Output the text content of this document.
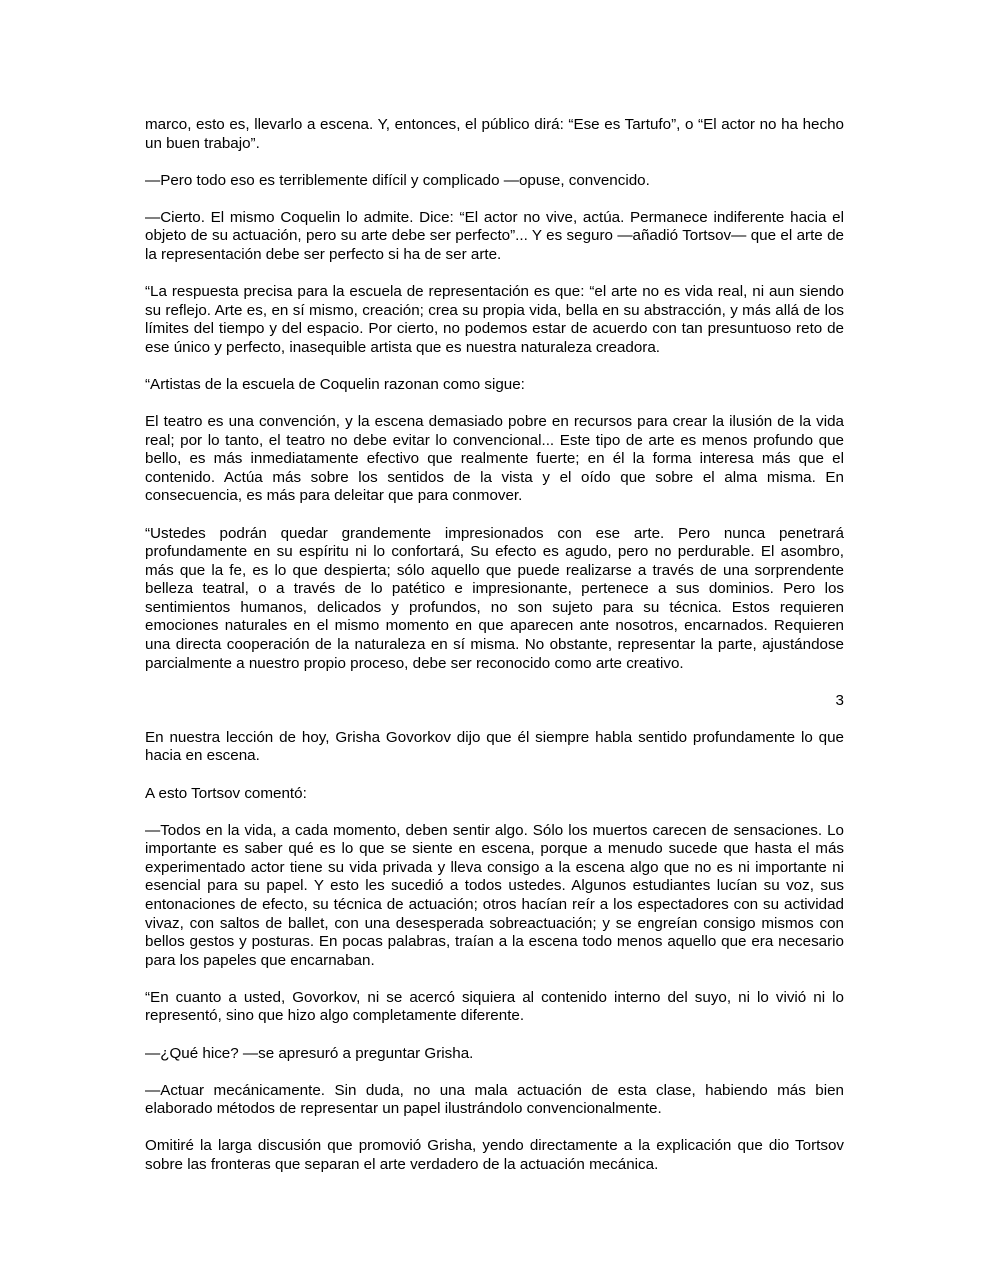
marco, esto es, llevarlo a escena. Y, entonces, el público dirá: “Ese es Tartufo”, o “El actor no ha hecho un buen trabajo”.

—Pero todo eso es terriblemente difícil y complicado —opuse, convencido.

—Cierto. El mismo Coquelin lo admite. Dice: “El actor no vive, actúa. Permanece indiferente hacia el objeto de su actuación, pero su arte debe ser perfecto”... Y es seguro —añadió Tortsov— que el arte de la representación debe ser perfecto si ha de ser arte.

“La respuesta precisa para la escuela de representación es que: “el arte no es vida real, ni aun siendo su reflejo. Arte es, en sí mismo, creación; crea su propia vida, bella en su abstracción, y más allá de los límites del tiempo y del espacio. Por cierto, no podemos estar de acuerdo con tan presuntuoso reto de ese único y perfecto, inasequible artista que es nuestra naturaleza creadora.

“Artistas de la escuela de Coquelin razonan como sigue:

El teatro es una convención, y la escena demasiado pobre en recursos para crear la ilusión de la vida real; por lo tanto, el teatro no debe evitar lo convencional... Este tipo de arte es menos profundo que bello, es más inmediatamente efectivo que realmente fuerte; en él la forma interesa más que el contenido. Actúa más sobre los sentidos de la vista y el oído que sobre el alma misma. En consecuencia, es más para deleitar que para conmover.

“Ustedes podrán quedar grandemente impresionados con ese arte. Pero nunca penetrará profundamente en su espíritu ni lo confortará, Su efecto es agudo, pero no perdurable. El asombro, más que la fe, es lo que despierta; sólo aquello que puede realizarse a través de una sorprendente belleza teatral, o a través de lo patético e impresionante, pertenece a sus dominios. Pero los sentimientos humanos, delicados y profundos, no son sujeto para su técnica. Estos requieren emociones naturales en el mismo momento en que aparecen ante nosotros, encarnados. Requieren una directa cooperación de la naturaleza en sí misma. No obstante, representar la parte, ajustándose parcialmente a nuestro propio proceso, debe ser reconocido como arte creativo.

3

En nuestra lección de hoy, Grisha Govorkov dijo que él siempre habla sentido profundamente lo que hacia en escena.

A esto Tortsov comentó:

—Todos en la vida, a cada momento, deben sentir algo. Sólo los muertos carecen de sensaciones. Lo importante es saber qué es lo que se siente en escena, porque a menudo sucede que hasta el más experimentado actor tiene su vida privada y lleva consigo a la escena algo que no es ni importante ni esencial para su papel. Y esto les sucedió a todos ustedes. Algunos estudiantes lucían su voz, sus entonaciones de efecto, su técnica de actuación; otros hacían reír a los espectadores con su actividad vivaz, con saltos de ballet, con una desesperada sobreactuación; y se engreían consigo mismos con bellos gestos y posturas. En pocas palabras, traían a la escena todo menos aquello que era necesario para los papeles que encarnaban.

“En cuanto a usted, Govorkov, ni se acercó siquiera al contenido interno del suyo, ni lo vivió ni lo representó, sino que hizo algo completamente diferente.

—¿Qué hice? —se apresuró a preguntar Grisha.

—Actuar mecánicamente. Sin duda, no una mala actuación de esta clase, habiendo más bien elaborado métodos de representar un papel ilustrándolo convencionalmente.

Omitiré la larga discusión que promovió Grisha, yendo directamente a la explicación que dio Tortsov sobre las fronteras que separan el arte verdadero de la actuación mecánica.
